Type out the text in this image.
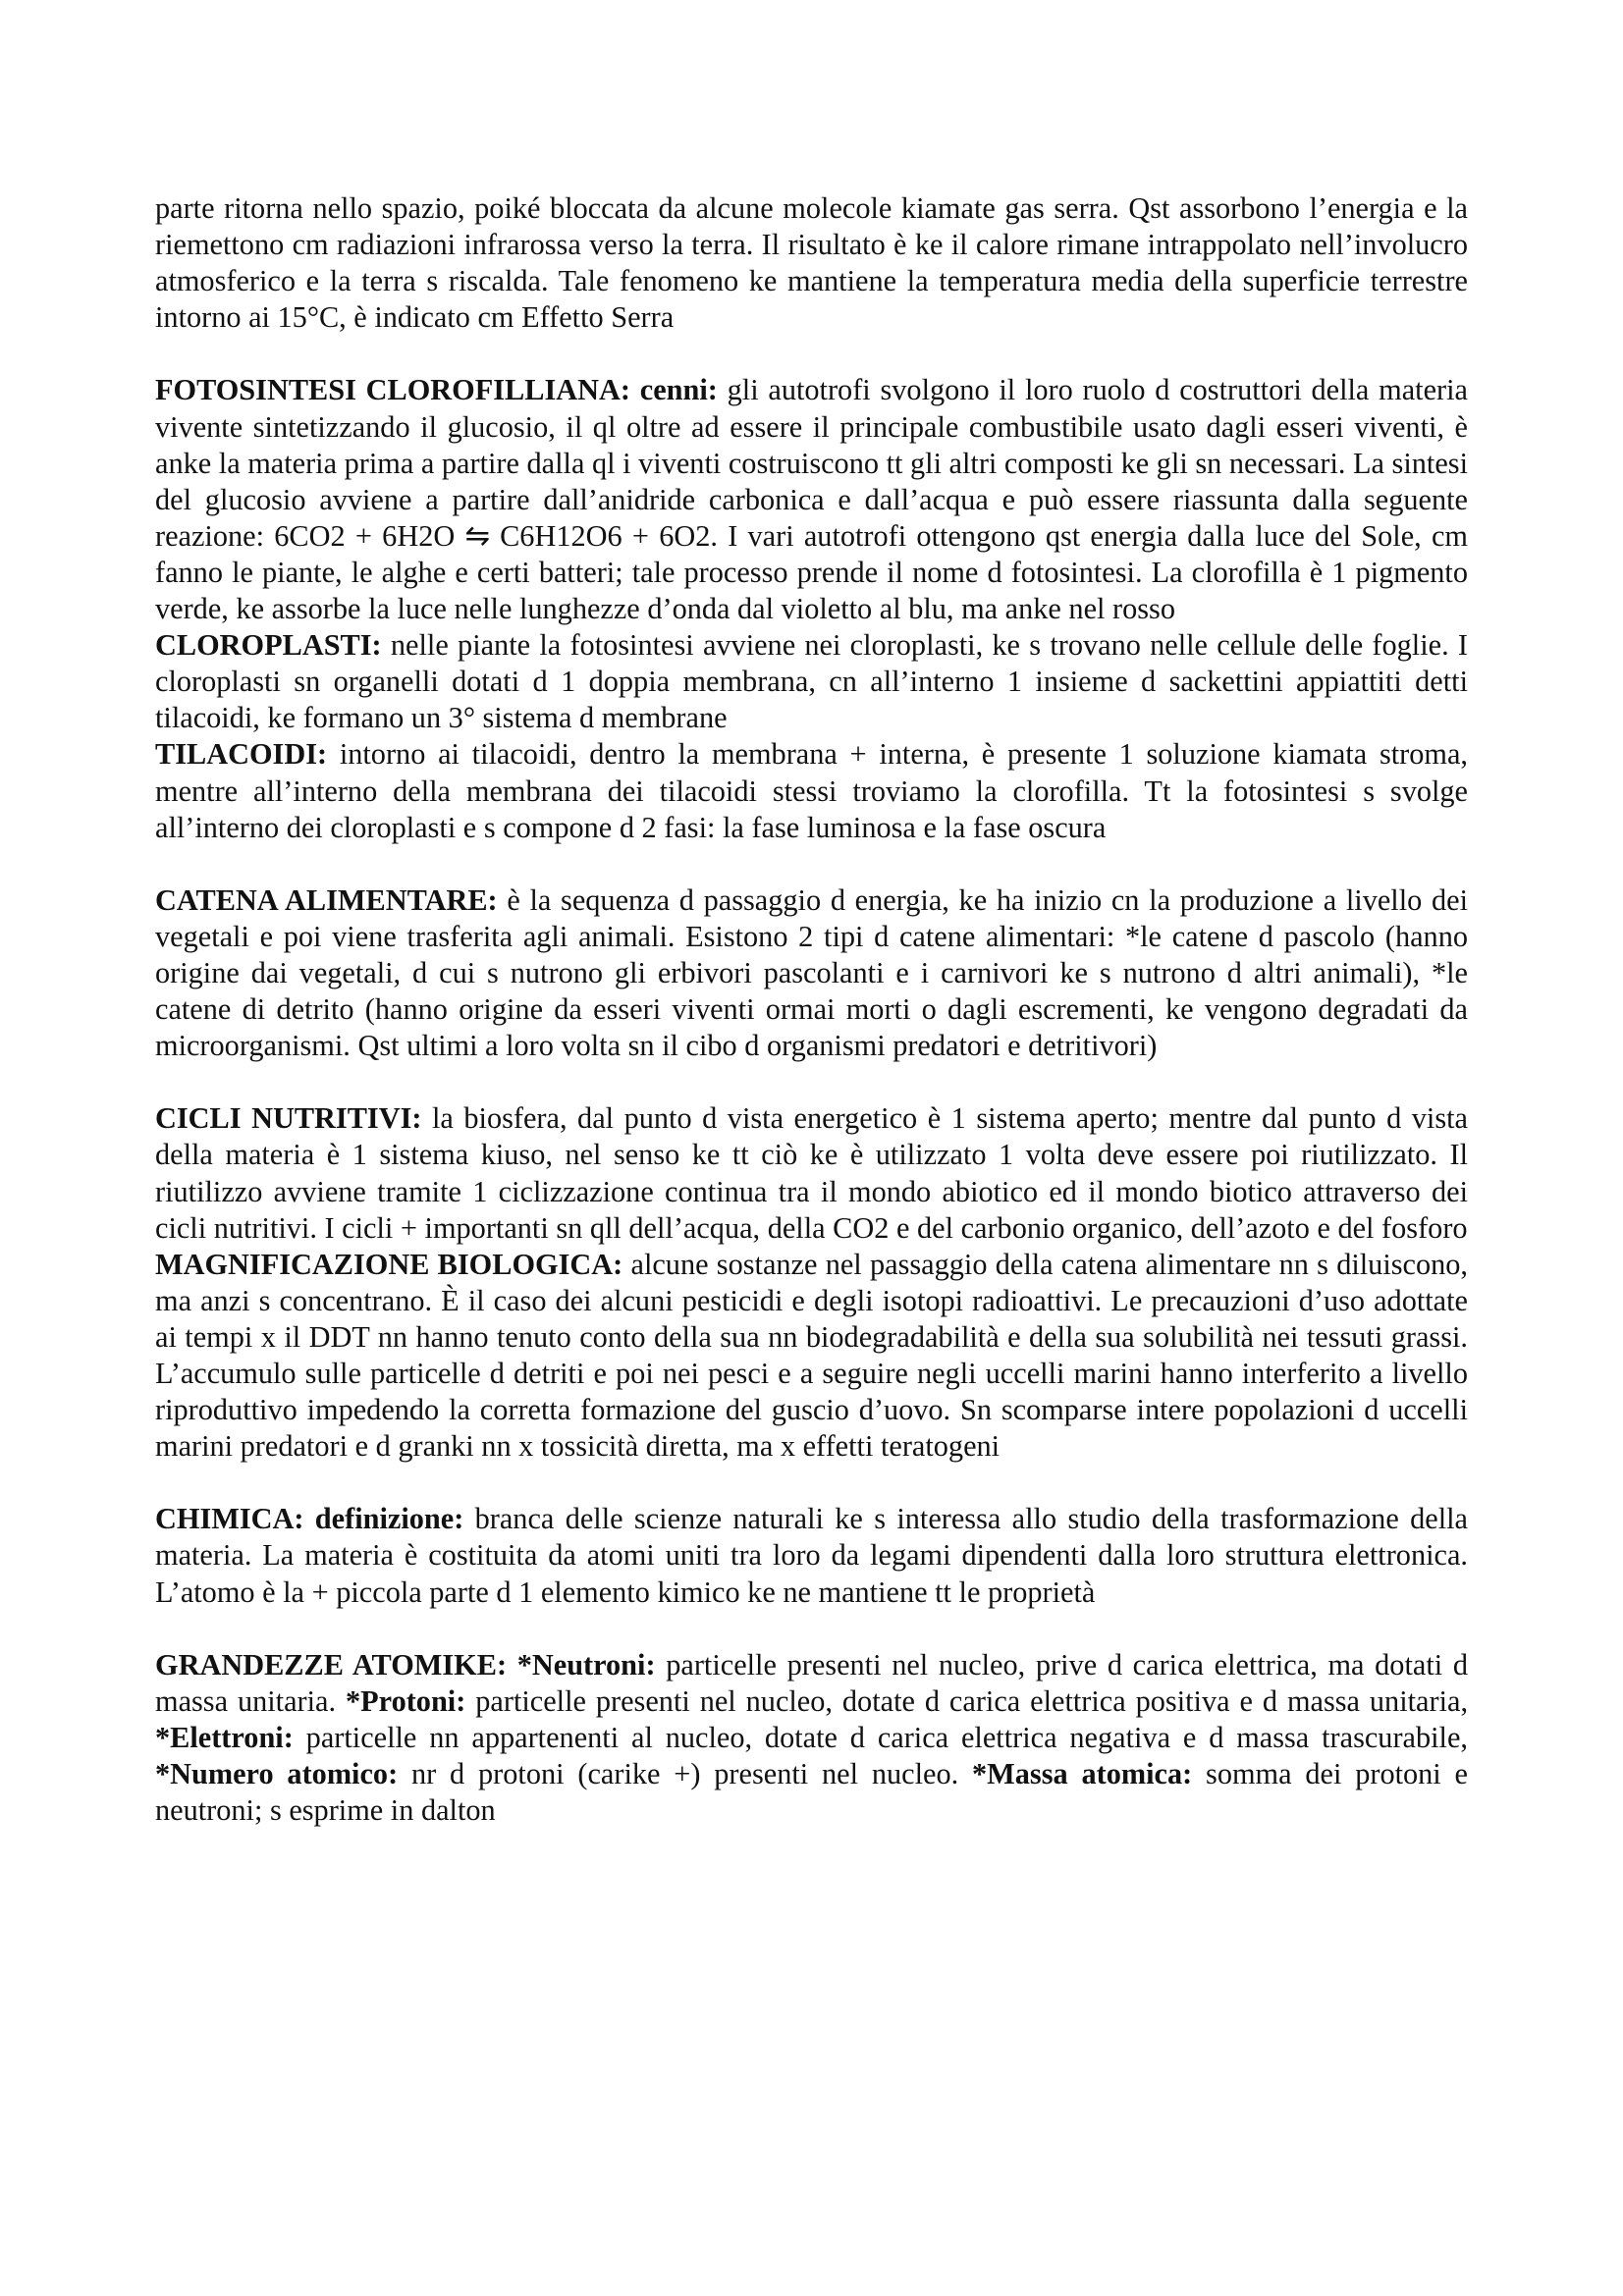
parte ritorna nello spazio, poiké bloccata da alcune molecole kiamate gas serra. Qst assorbono l’energia e la riemettono cm radiazioni infrarossa verso la terra. Il risultato è ke il calore rimane intrappolato nell’involucro atmosferico e la terra s riscalda. Tale fenomeno ke mantiene la temperatura media della superficie terrestre intorno ai 15°C, è indicato cm Effetto Serra

FOTOSINTESI CLOROFILLIANA: cenni: gli autotrofi svolgono il loro ruolo d costruttori della materia vivente sintetizzando il glucosio, il ql oltre ad essere il principale combustibile usato dagli esseri viventi, è anke la materia prima a partire dalla ql i viventi costruiscono tt gli altri composti ke gli sn necessari. La sintesi del glucosio avviene a partire dall’anidride carbonica e dall’acqua e può essere riassunta dalla seguente reazione: 6CO2 + 6H2O ⇋ C6H12O6 + 6O2. I vari autotrofi ottengono qst energia dalla luce del Sole, cm fanno le piante, le alghe e certi batteri; tale processo prende il nome d fotosintesi. La clorofilla è 1 pigmento verde, ke assorbe la luce nelle lunghezze d’onda dal violetto al blu, ma anke nel rosso

CLOROPLASTI: nelle piante la fotosintesi avviene nei cloroplasti, ke s trovano nelle cellule delle foglie. I cloroplasti sn organelli dotati d 1 doppia membrana, cn all’interno 1 insieme d sackettini appiattiti detti tilacoidi, ke formano un 3° sistema d membrane

TILACOIDI: intorno ai tilacoidi, dentro la membrana + interna, è presente 1 soluzione kiamata stroma, mentre all’interno della membrana dei tilacoidi stessi troviamo la clorofilla. Tt la fotosintesi s svolge all’interno dei cloroplasti e s compone d 2 fasi: la fase luminosa e la fase oscura

CATENA ALIMENTARE: è la sequenza d passaggio d energia, ke ha inizio cn la produzione a livello dei vegetali e poi viene trasferita agli animali. Esistono 2 tipi d catene alimentari: *le catene d pascolo (hanno origine dai vegetali, d cui s nutrono gli erbivori pascolanti e i carnivori ke s nutrono d altri animali), *le catene di detrito (hanno origine da esseri viventi ormai morti o dagli escrementi, ke vengono degradati da microorganismi. Qst ultimi a loro volta sn il cibo d organismi predatori e detritivori)

CICLI NUTRITIVI: la biosfera, dal punto d vista energetico è 1 sistema aperto; mentre dal punto d vista della materia è 1 sistema kiuso, nel senso ke tt ciò ke è utilizzato 1 volta deve essere poi riutilizzato. Il riutilizzo avviene tramite 1 ciclizzazione continua tra il mondo abiotico ed il mondo biotico attraverso dei cicli nutritivi. I cicli + importanti sn qll dell’acqua, della CO2 e del carbonio organico, dell’azoto e del fosforo

MAGNIFICAZIONE BIOLOGICA: alcune sostanze nel passaggio della catena alimentare nn s diluiscono, ma anzi s concentrano. È il caso dei alcuni pesticidi e degli isotopi radioattivi. Le precauzioni d’uso adottate ai tempi x il DDT nn hanno tenuto conto della sua nn biodegradabilità e della sua solubilità nei tessuti grassi. L’accumulo sulle particelle d detriti e poi nei pesci e a seguire negli uccelli marini hanno interferito a livello riproduttivo impedendo la corretta formazione del guscio d’uovo. Sn scomparse intere popolazioni d uccelli marini predatori e d granki nn x tossicità diretta, ma x effetti teratogeni

CHIMICA: definizione: branca delle scienze naturali ke s interessa allo studio della trasformazione della materia. La materia è costituita da atomi uniti tra loro da legami dipendenti dalla loro struttura elettronica. L’atomo è la + piccola parte d 1 elemento kimico ke ne mantiene tt le proprietà

GRANDEZZE ATOMIKE: *Neutroni: particelle presenti nel nucleo, prive d carica elettrica, ma dotati d massa unitaria. *Protoni: particelle presenti nel nucleo, dotate d carica elettrica positiva e d massa unitaria, *Elettroni: particelle nn appartenenti al nucleo, dotate d carica elettrica negativa e d massa trascurabile, *Numero atomico: nr d protoni (carike +) presenti nel nucleo. *Massa atomica: somma dei protoni e neutroni; s esprime in dalton
